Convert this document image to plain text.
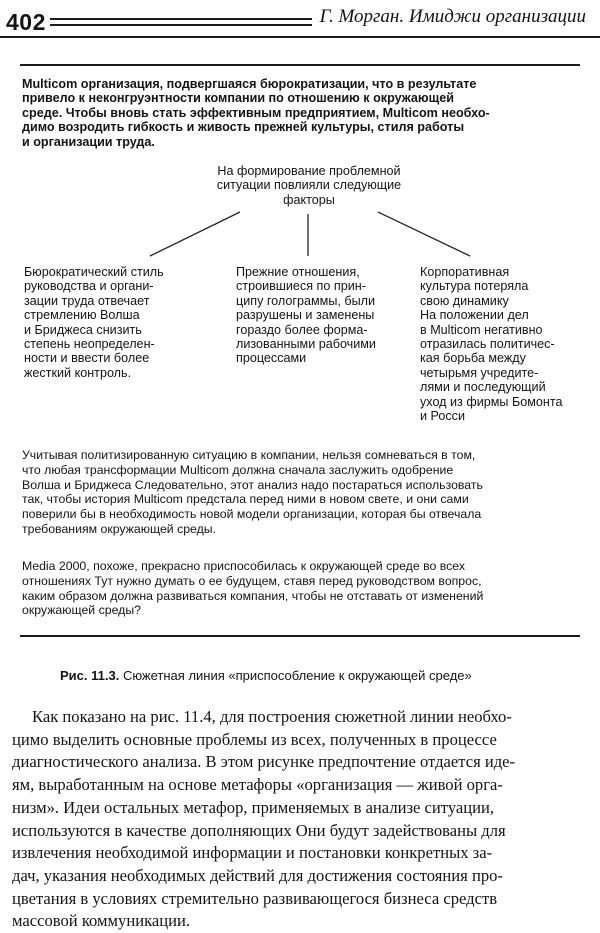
402	Г. Морган. Имиджи организации
Multicom организация, подвергшаяся бюрократизации, что в результате
привело к неконгруэнтности компании по отношению к окружающей
среде. Чтобы вновь стать эффективным предприятием, Multicom необхо-
димо возродить гибкость и живость прежней культуры, стиля работы
и организации труда.
На формирование проблемной
ситуации повлияли следующие
факторы
Бюрократический стиль
руководства и органи-
зации труда отвечает
стремлению Волша
и Бриджеса снизить
степень неопределен-
ности и ввести более
жесткий контроль.
Прежние отношения,
строившиеся по прин-
ципу голограммы, были
разрушены и заменены
гораздо более форма-
лизованными рабочими
процессами
Корпоративная
культура потеряла
свою динамику
На положении дел
в Multicom негативно
отразилась политичес-
кая борьба между
четырьмя учредите-
лями и последующий
уход из фирмы Бомонта
и Росси
Учитывая политизированную ситуацию в компании, нельзя сомневаться в том,
что любая трансформации Multicom должна сначала заслужить одобрение
Волша и Бриджеса Следовательно, этот анализ надо постараться использовать
так, чтобы история Multicom предстала перед ними в новом свете, и они сами
поверили бы в необходимость новой модели организации, которая бы отвечала
требованиям окружающей среды.
Media 2000, похоже, прекрасно приспособилась к окружающей среде во всех
отношениях Тут нужно думать о ее будущем, ставя перед руководством вопрос,
каким образом должна развиваться компания, чтобы не отставать от изменений
окружающей среды?
Рис. 11.3. Сюжетная линия «приспособление к окружающей среде»
Как показано на рис. 11.4, для построения сюжетной линии необхо-
цимо выделить основные проблемы из всех, полученных в процессе
диагностического анализа. В этом рисунке предпочтение отдается иде-
ям, выработанным на основе метафоры «организация — живой орга-
низм». Идеи остальных метафор, применяемых в анализе ситуации,
используются в качестве дополняющих Они будут задействованы для
извлечения необходимой информации и постановки конкретных за-
дач, указания необходимых действий для достижения состояния про-
цветания в условиях стремительно развивающегося бизнеса средств
массовой коммуникации.
